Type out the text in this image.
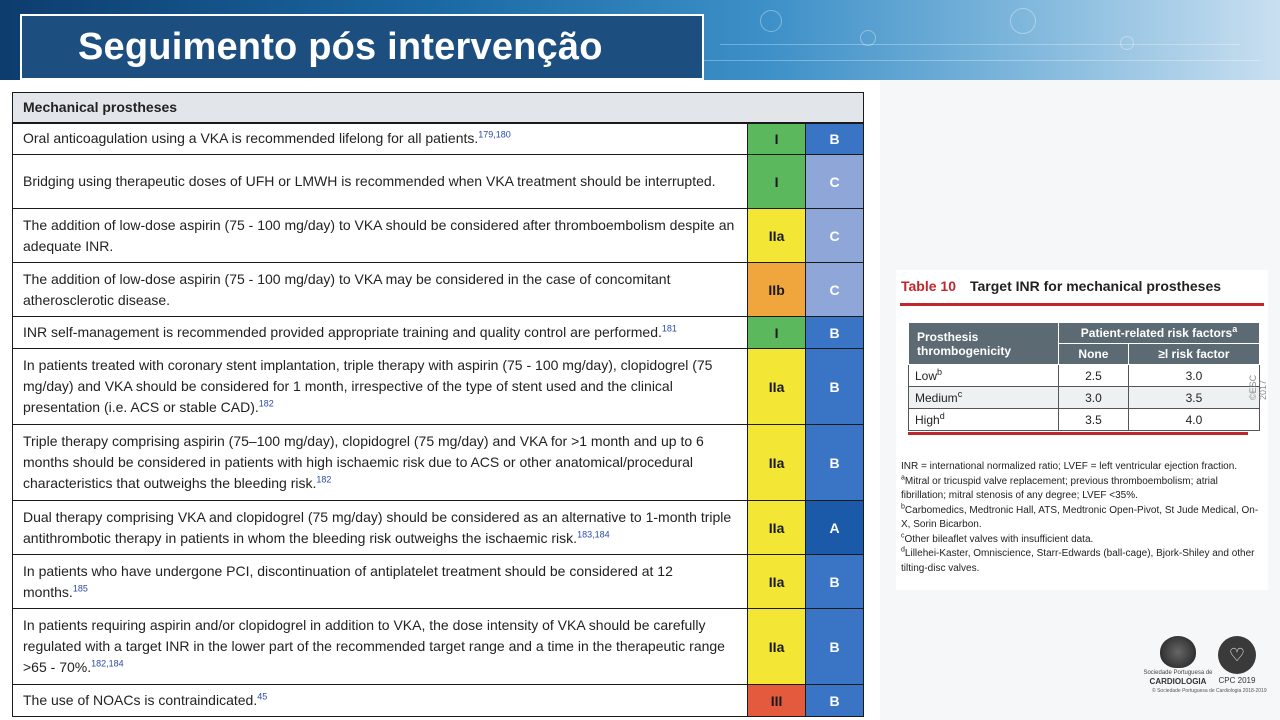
Seguimento pós intervenção
Mechanical prostheses		
Oral anticoagulation using a VKA is recommended lifelong for all patients.$^{179,180}$	I	B
Bridging using therapeutic doses of UFH or LMWH is recommended when VKA treatment should be interrupted.	I	C
The addition of low-dose aspirin (75 - 100 mg/day) to VKA should be considered after thromboembolism despite an adequate INR.	IIa	C
The addition of low-dose aspirin (75 - 100 mg/day) to VKA may be considered in the case of concomitant atherosclerotic disease.	IIb	C
INR self-management is recommended provided appropriate training and quality control are performed.$^{181}$	I	B
In patients treated with coronary stent implantation, triple therapy with aspirin (75 - 100 mg/day), clopidogrel (75 mg/day) and VKA should be considered for 1 month, irrespective of the type of stent used and the clinical presentation (i.e. ACS or stable CAD).$^{182}$	IIa	B
Triple therapy comprising aspirin (75–100 mg/day), clopidogrel (75 mg/day) and VKA for >1 month and up to 6 months should be considered in patients with high ischaemic risk due to ACS or other anatomical/procedural characteristics that outweighs the bleeding risk.$^{182}$	IIa	B
Dual therapy comprising VKA and clopidogrel (75 mg/day) should be considered as an alternative to 1-month triple antithrombotic therapy in patients in whom the bleeding risk outweighs the ischaemic risk.$^{183,184}$	IIa	A
In patients who have undergone PCI, discontinuation of antiplatelet treatment should be considered at 12 months.$^{185}$	IIa	B
In patients requiring aspirin and/or clopidogrel in addition to VKA, the dose intensity of VKA should be carefully regulated with a target INR in the lower part of the recommended target range and a time in the therapeutic range >65 - 70%.$^{182,184}$	IIa	B
The use of NOACs is contraindicated.$^{45}$	III	B
Table 10 Target INR for mechanical prostheses
Prosthesis thrombogenicity	Patient-related risk factors$^a$
	None	≥l risk factor
Low$^b$	2.5	3.0
Medium$^c$	3.0	3.5
High$^d$	3.5	4.0
©ESC 2017
INR = international normalized ratio; LVEF = left ventricular ejection fraction.
$^a$Mitral or tricuspid valve replacement; previous thromboembolism; atrial fibrillation; mitral stenosis of any degree; LVEF <35%.
$^b$Carbomedics, Medtronic Hall, ATS, Medtronic Open-Pivot, St Jude Medical, On-X, Sorin Bicarbon.
$^c$Other bileaflet valves with insufficient data.
$^d$Lillehei-Kaster, Omniscience, Starr-Edwards (ball-cage), Bjork-Shiley and other tilting-disc valves.
Sociedade Portuguesa de
CARDIOLOGIA
♡
CPC 2019
© Sociedade Portuguesa de Cardiologia 2018-2019
